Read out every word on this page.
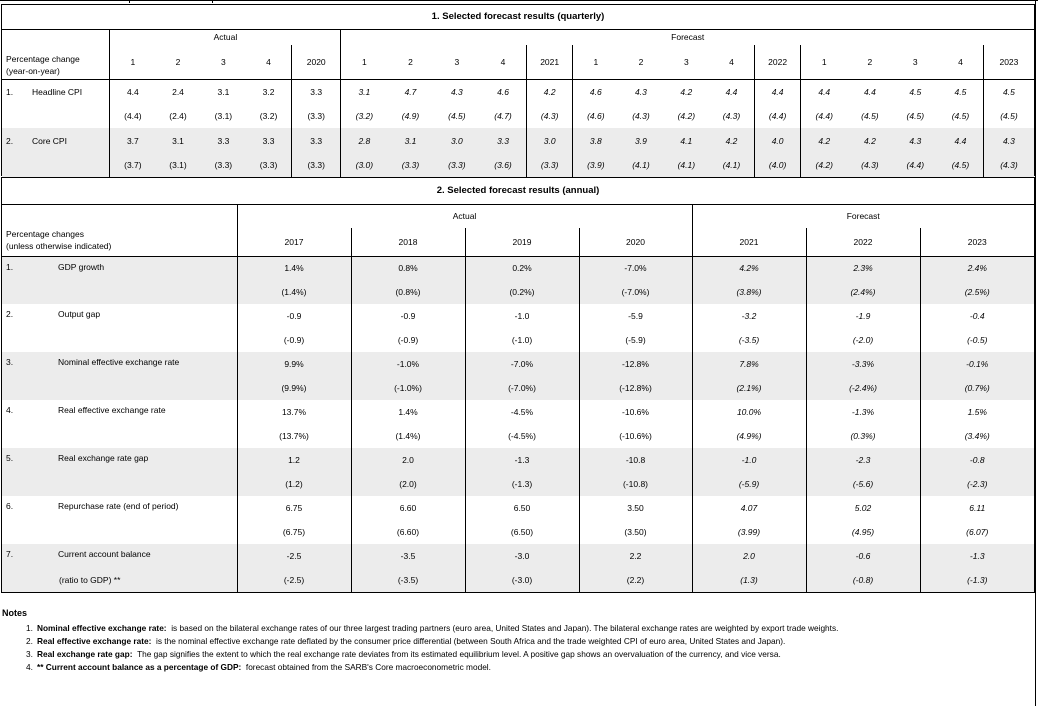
1. Selected forecast results (quarterly)																				

Percentage change
(year-on-year)	Actual					Forecast														
	1	2	3	4	2020	1	2	3	4	2021	1	2	3	4	2022	1	2	3	4	2023
1. Headline CPI	4.4	2.4	3.1	3.2	3.3	3.1	4.7	4.3	4.6	4.2	4.6	4.3	4.2	4.4	4.4	4.4	4.4	4.5	4.5	4.5
	(4.4)	(2.4)	(3.1)	(3.2)	(3.3)	(3.2)	(4.9)	(4.5)	(4.7)	(4.3)	(4.6)	(4.3)	(4.2)	(4.3)	(4.4)	(4.4)	(4.5)	(4.5)	(4.5)	(4.5)
2. Core CPI	3.7	3.1	3.3	3.3	3.3	2.8	3.1	3.0	3.3	3.0	3.8	3.9	4.1	4.2	4.0	4.2	4.2	4.3	4.4	4.3
	(3.7)	(3.1)	(3.3)	(3.3)	(3.3)	(3.0)	(3.3)	(3.3)	(3.6)	(3.3)	(3.9)	(4.1)	(4.1)	(4.1)	(4.0)	(4.2)	(4.3)	(4.4)	(4.5)	(4.3)
2. Selected forecast results (annual)							

Percentage changes
(unless otherwise indicated)	Actual				Forecast		
	2017	2018	2019	2020	2021	2022	2023
1. GDP growth	1.4%	0.8%	0.2%	-7.0%	4.2%	2.3%	2.4%
	(1.4%)	(0.8%)	(0.2%)	(-7.0%)	(3.8%)	(2.4%)	(2.5%)
2. Output gap	-0.9	-0.9	-1.0	-5.9	-3.2	-1.9	-0.4
	(-0.9)	(-0.9)	(-1.0)	(-5.9)	(-3.5)	(-2.0)	(-0.5)
3. Nominal effective exchange rate	9.9%	-1.0%	-7.0%	-12.8%	7.8%	-3.3%	-0.1%
	(9.9%)	(-1.0%)	(-7.0%)	(-12.8%)	(2.1%)	(-2.4%)	(0.7%)
4. Real effective exchange rate	13.7%	1.4%	-4.5%	-10.6%	10.0%	-1.3%	1.5%
	(13.7%)	(1.4%)	(-4.5%)	(-10.6%)	(4.9%)	(0.3%)	(3.4%)
5. Real exchange rate gap	1.2	2.0	-1.3	-10.8	-1.0	-2.3	-0.8
	(1.2)	(2.0)	(-1.3)	(-10.8)	(-5.9)	(-5.6)	(-2.3)
6. Repurchase rate (end of period)	6.75	6.60	6.50	3.50	4.07	5.02	6.11
	(6.75)	(6.60)	(6.50)	(3.50)	(3.99)	(4.95)	(6.07)
7. Current account balance	-2.5	-3.5	-3.0	2.2	2.0	-0.6	-1.3
(ratio to GDP) **	(-2.5)	(-3.5)	(-3.0)	(2.2)	(1.3)	(-0.8)	(-1.3)
Notes
1. Nominal effective exchange rate: is based on the bilateral exchange rates of our three largest trading partners (euro area, United States and Japan). The bilateral exchange rates are weighted by export trade weights.
2. Real effective exchange rate: is the nominal effective exchange rate deflated by the consumer price differential (between South Africa and the trade weighted CPI of euro area, United States and Japan).
3. Real exchange rate gap: The gap signifies the extent to which the real exchange rate deviates from its estimated equilibrium level. A positive gap shows an overvaluation of the currency, and vice versa.
4. ** Current account balance as a percentage of GDP: forecast obtained from the SARB's Core macroeconometric model.
